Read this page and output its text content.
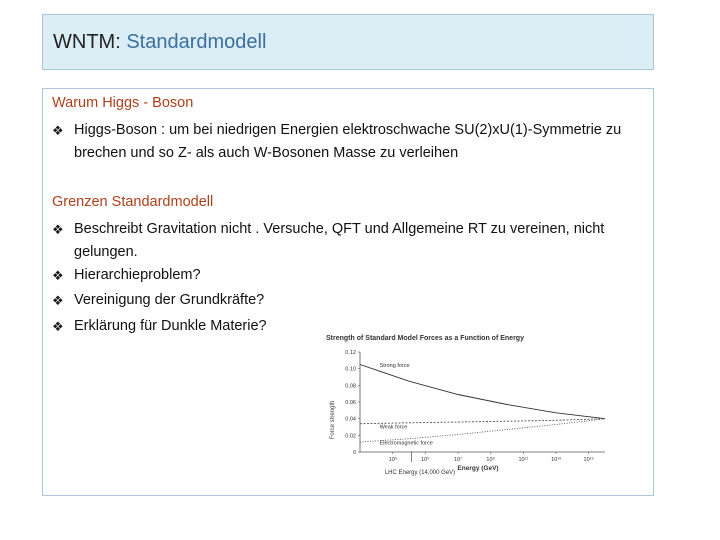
WNTM: Standardmodell
Warum Higgs - Boson
❖ Higgs-Boson : um bei niedrigen Energien elektroschwache SU(2)xU(1)-Symmetrie zu brechen und so Z- als auch W-Bosonen Masse zu verleihen
Grenzen Standardmodell
❖ Beschreibt Gravitation nicht . Versuche, QFT und Allgemeine RT zu vereinen, nicht gelungen.
❖ Hierarchieproblem?
❖ Vereinigung der Grundkräfte?
❖ Erklärung für Dunkle Materie?
Strength of Standard Model Forces as a Function of Energy
Force strength
Energy (GeV)
LHC Energy (14,000 GeV)
0
0.02
0.04
0.06
0.08
0.10
0.12
10³	10⁵	10⁷	10⁹	10¹¹	10¹³	10¹⁵
Strong force
Weak force
Electromagnetic force
